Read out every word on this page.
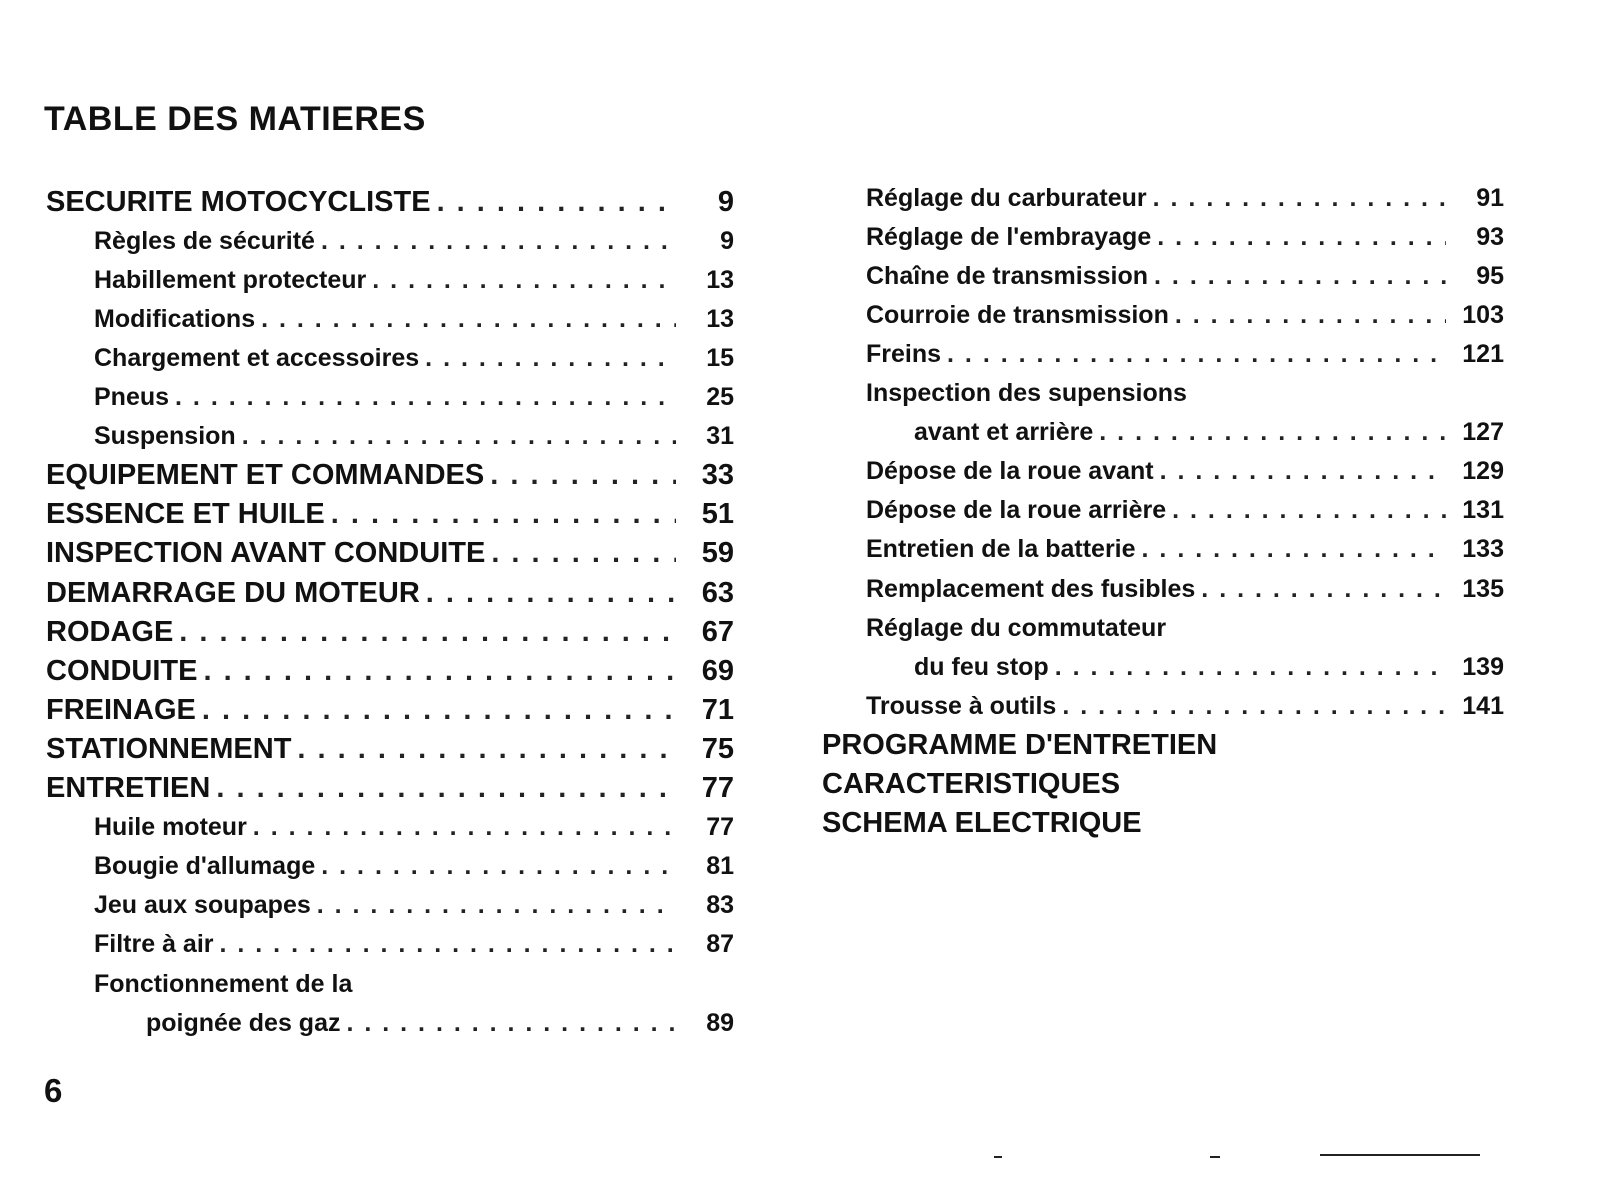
TABLE DES MATIERES
SECURITE MOTOCYCLISTE . . .	9
Règles de sécurité . . .	9
Habillement protecteur . . .	13
Modifications . . .	13
Chargement et accessoires . . .	15
Pneus . . .	25
Suspension . . .	31
EQUIPEMENT ET COMMANDES . . .	33
ESSENCE ET HUILE . . .	51
INSPECTION AVANT CONDUITE . . .	59
DEMARRAGE DU MOTEUR . . .	63
RODAGE . . .	67
CONDUITE . . .	69
FREINAGE . . .	71
STATIONNEMENT . . .	75
ENTRETIEN . . .	77
Huile moteur . . .	77
Bougie d'allumage . . .	81
Jeu aux soupapes . . .	83
Filtre à air . . .	87
Fonctionnement de la
poignée des gaz . . .	89
Réglage du carburateur . . .	91
Réglage de l'embrayage . . .	93
Chaîne de transmission . . .	95
Courroie de transmission . . .	103
Freins . . .	121
Inspection des supensions
avant et arrière . . .	127
Dépose de la roue avant . . .	129
Dépose de la roue arrière . . .	131
Entretien de la batterie . . .	133
Remplacement des fusibles . . .	135
Réglage du commutateur
du feu stop . . .	139
Trousse à outils . . .	141
PROGRAMME D'ENTRETIEN
CARACTERISTIQUES
SCHEMA ELECTRIQUE
6
